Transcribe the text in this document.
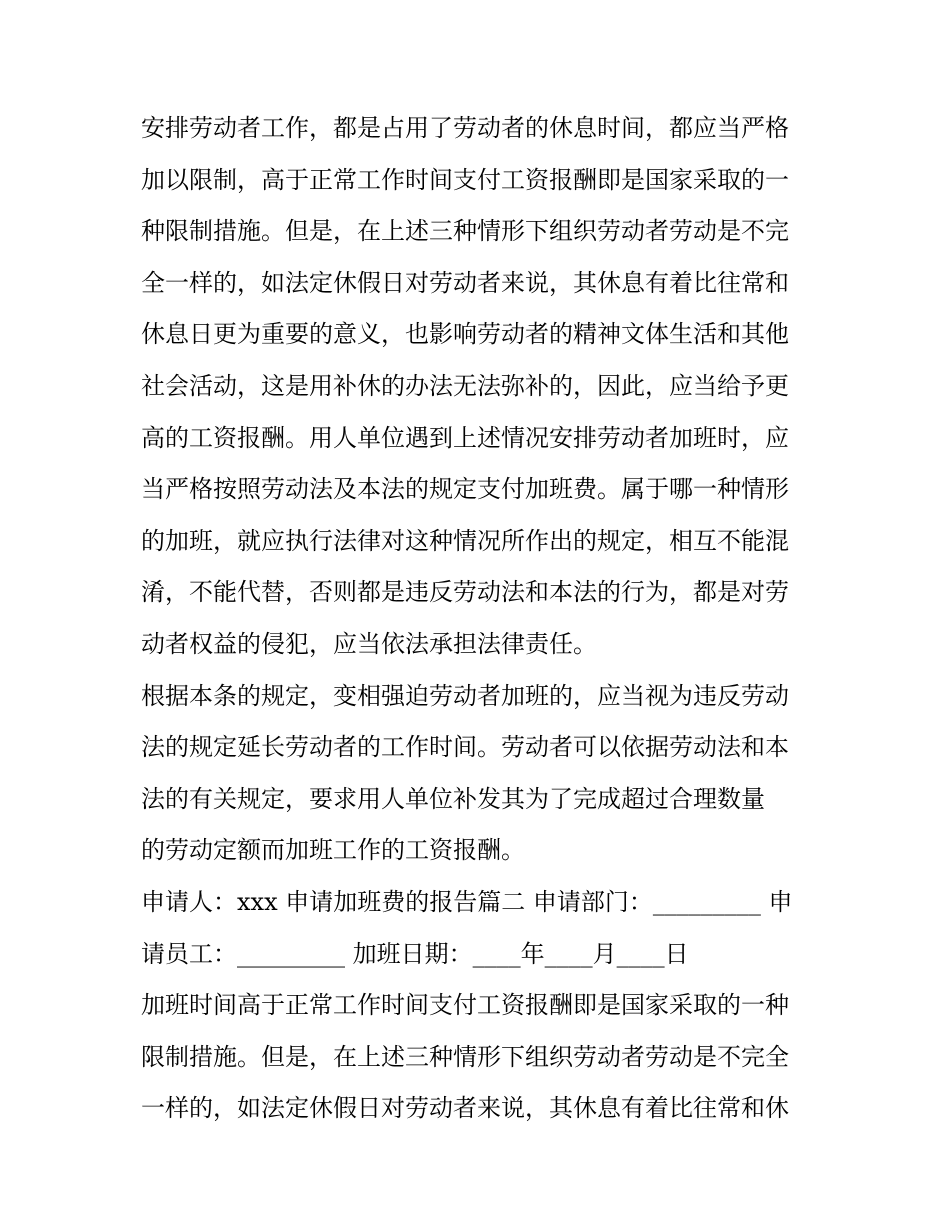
安排劳动者工作，都是占用了劳动者的休息时间，都应当严格
加以限制，高于正常工作时间支付工资报酬即是国家采取的一
种限制措施。但是，在上述三种情形下组织劳动者劳动是不完
全一样的，如法定休假日对劳动者来说，其休息有着比往常和
休息日更为重要的意义，也影响劳动者的精神文体生活和其他
社会活动，这是用补休的办法无法弥补的，因此，应当给予更
高的工资报酬。用人单位遇到上述情况安排劳动者加班时，应
当严格按照劳动法及本法的规定支付加班费。属于哪一种情形
的加班，就应执行法律对这种情况所作出的规定，相互不能混
淆，不能代替，否则都是违反劳动法和本法的行为，都是对劳
动者权益的侵犯，应当依法承担法律责任。
根据本条的规定，变相强迫劳动者加班的，应当视为违反劳动
法的规定延长劳动者的工作时间。劳动者可以依据劳动法和本
法的有关规定，要求用人单位补发其为了完成超过合理数量
的劳动定额而加班工作的工资报酬。
申请人：xxx 申请加班费的报告篇二 申请部门：_________ 申
请员工：_________ 加班日期：____年____月____日
加班时间高于正常工作时间支付工资报酬即是国家采取的一种
限制措施。但是，在上述三种情形下组织劳动者劳动是不完全
一样的，如法定休假日对劳动者来说，其休息有着比往常和休
